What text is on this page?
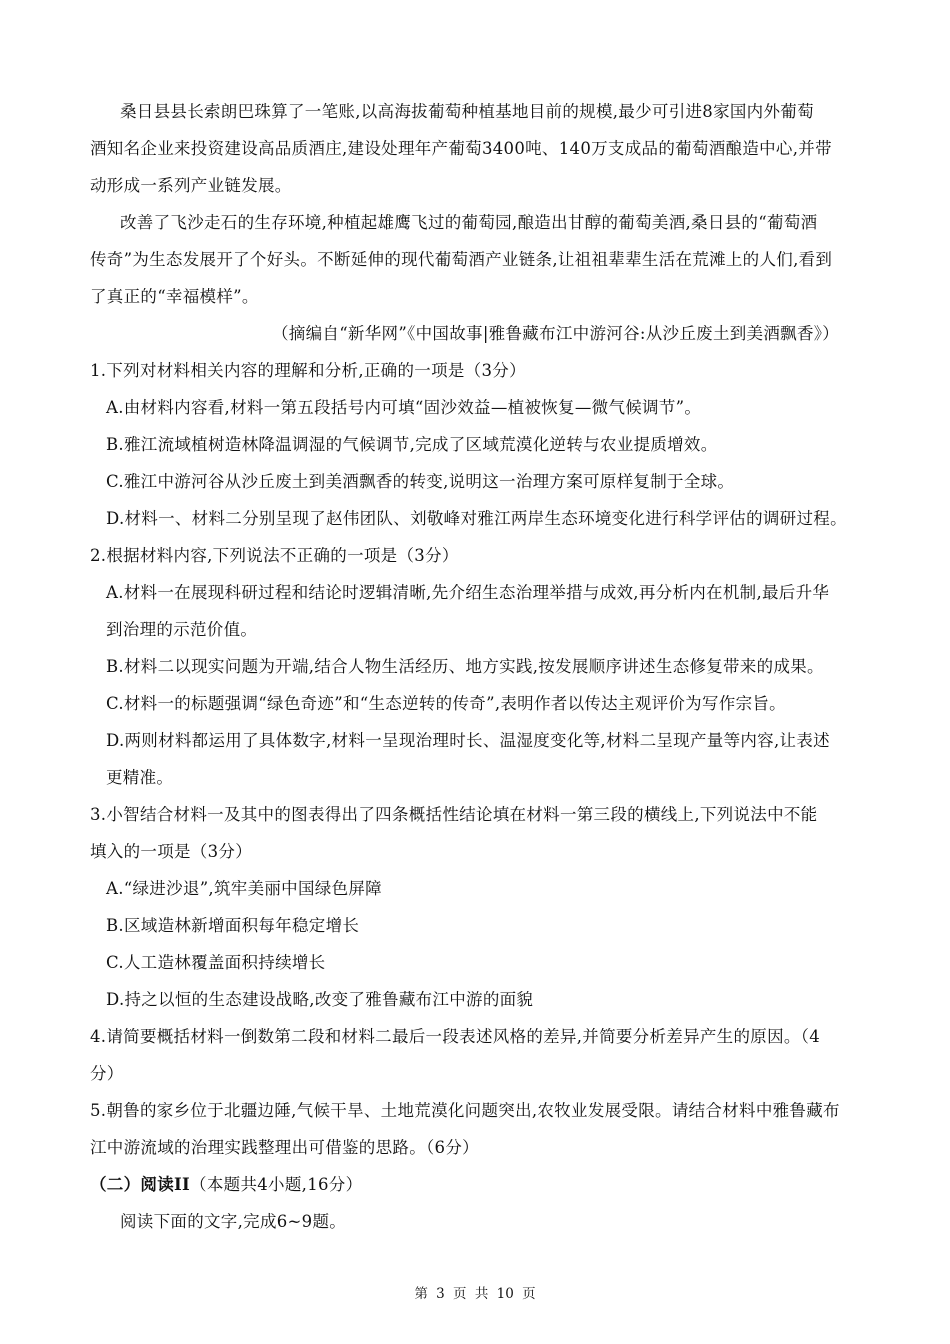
桑日县县长索朗巴珠算了一笔账,以高海拔葡萄种植基地目前的规模,最少可引进8家国内外葡萄
酒知名企业来投资建设高品质酒庄,建设处理年产葡萄3400吨、140万支成品的葡萄酒酿造中心,并带
动形成一系列产业链发展。
改善了飞沙走石的生存环境,种植起雄鹰飞过的葡萄园,酿造出甘醇的葡萄美酒,桑日县的“葡萄酒
传奇”为生态发展开了个好头。不断延伸的现代葡萄酒产业链条,让祖祖辈辈生活在荒滩上的人们,看到
了真正的“幸福模样”。
（摘编自“新华网”《中国故事|雅鲁藏布江中游河谷:从沙丘废土到美酒飘香》）
1.下列对材料相关内容的理解和分析,正确的一项是（3分）
A.由材料内容看,材料一第五段括号内可填“固沙效益—植被恢复—微气候调节”。
B.雅江流域植树造林降温调湿的气候调节,完成了区域荒漠化逆转与农业提质增效。
C.雅江中游河谷从沙丘废土到美酒飘香的转变,说明这一治理方案可原样复制于全球。
D.材料一、材料二分别呈现了赵伟团队、刘敬峰对雅江两岸生态环境变化进行科学评估的调研过程。
2.根据材料内容,下列说法不正确的一项是（3分）
A.材料一在展现科研过程和结论时逻辑清晰,先介绍生态治理举措与成效,再分析内在机制,最后升华
到治理的示范价值。
B.材料二以现实问题为开端,结合人物生活经历、地方实践,按发展顺序讲述生态修复带来的成果。
C.材料一的标题强调“绿色奇迹”和“生态逆转的传奇”,表明作者以传达主观评价为写作宗旨。
D.两则材料都运用了具体数字,材料一呈现治理时长、温湿度变化等,材料二呈现产量等内容,让表述
更精准。
3.小智结合材料一及其中的图表得出了四条概括性结论填在材料一第三段的横线上,下列说法中不能
填入的一项是（3分）
A.“绿进沙退”,筑牢美丽中国绿色屏障
B.区域造林新增面积每年稳定增长
C.人工造林覆盖面积持续增长
D.持之以恒的生态建设战略,改变了雅鲁藏布江中游的面貌
4.请简要概括材料一倒数第二段和材料二最后一段表述风格的差异,并简要分析差异产生的原因。（4
分）
5.朝鲁的家乡位于北疆边陲,气候干旱、土地荒漠化问题突出,农牧业发展受限。请结合材料中雅鲁藏布
江中游流域的治理实践整理出可借鉴的思路。（6分）
（二）阅读II（本题共4小题,16分）
阅读下面的文字,完成6~9题。
第 3 页 共 10 页
